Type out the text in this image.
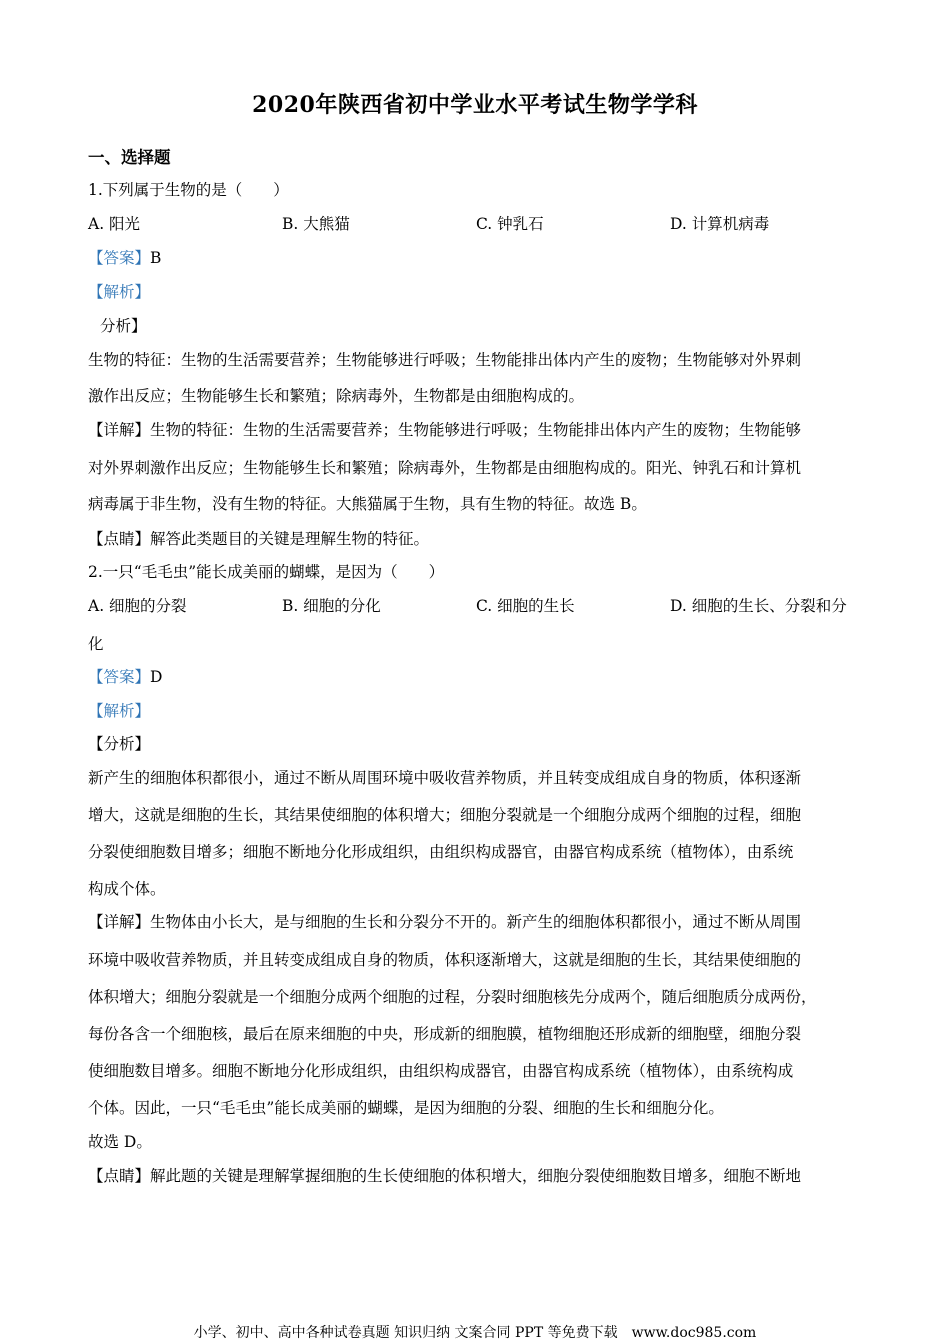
2020年陕西省初中学业水平考试生物学学科
一、选择题
1.下列属于生物的是（　　）
A. 阳光	B. 大熊猫	C. 钟乳石	D. 计算机病毒
【答案】B
【解析】
分析】
生物的特征：生物的生活需要营养；生物能够进行呼吸；生物能排出体内产生的废物；生物能够对外界刺
激作出反应；生物能够生长和繁殖；除病毒外，生物都是由细胞构成的。
【详解】生物的特征：生物的生活需要营养；生物能够进行呼吸；生物能排出体内产生的废物；生物能够
对外界刺激作出反应；生物能够生长和繁殖；除病毒外，生物都是由细胞构成的。阳光、钟乳石和计算机
病毒属于非生物，没有生物的特征。大熊猫属于生物，具有生物的特征。故选 B。
【点睛】解答此类题目的关键是理解生物的特征。
2.一只“毛毛虫”能长成美丽的蝴蝶，是因为（　　）
A. 细胞的分裂	B. 细胞的分化	C. 细胞的生长	D. 细胞的生长、分裂和分
化
【答案】D
【解析】
【分析】
新产生的细胞体积都很小，通过不断从周围环境中吸收营养物质，并且转变成组成自身的物质，体积逐渐
增大，这就是细胞的生长，其结果使细胞的体积增大；细胞分裂就是一个细胞分成两个细胞的过程，细胞
分裂使细胞数目增多；细胞不断地分化形成组织，由组织构成器官，由器官构成系统（植物体），由系统
构成个体。
【详解】生物体由小长大，是与细胞的生长和分裂分不开的。新产生的细胞体积都很小，通过不断从周围
环境中吸收营养物质，并且转变成组成自身的物质，体积逐渐增大，这就是细胞的生长，其结果使细胞的
体积增大；细胞分裂就是一个细胞分成两个细胞的过程，分裂时细胞核先分成两个，随后细胞质分成两份，
每份各含一个细胞核，最后在原来细胞的中央，形成新的细胞膜，植物细胞还形成新的细胞壁，细胞分裂
使细胞数目增多。细胞不断地分化形成组织，由组织构成器官，由器官构成系统（植物体），由系统构成
个体。因此，一只“毛毛虫”能长成美丽的蝴蝶，是因为细胞的分裂、细胞的生长和细胞分化。
故选 D。
【点睛】解此题的关键是理解掌握细胞的生长使细胞的体积增大，细胞分裂使细胞数目增多，细胞不断地
小学、初中、高中各种试卷真题 知识归纳 文案合同 PPT 等免费下载　www.doc985.com
